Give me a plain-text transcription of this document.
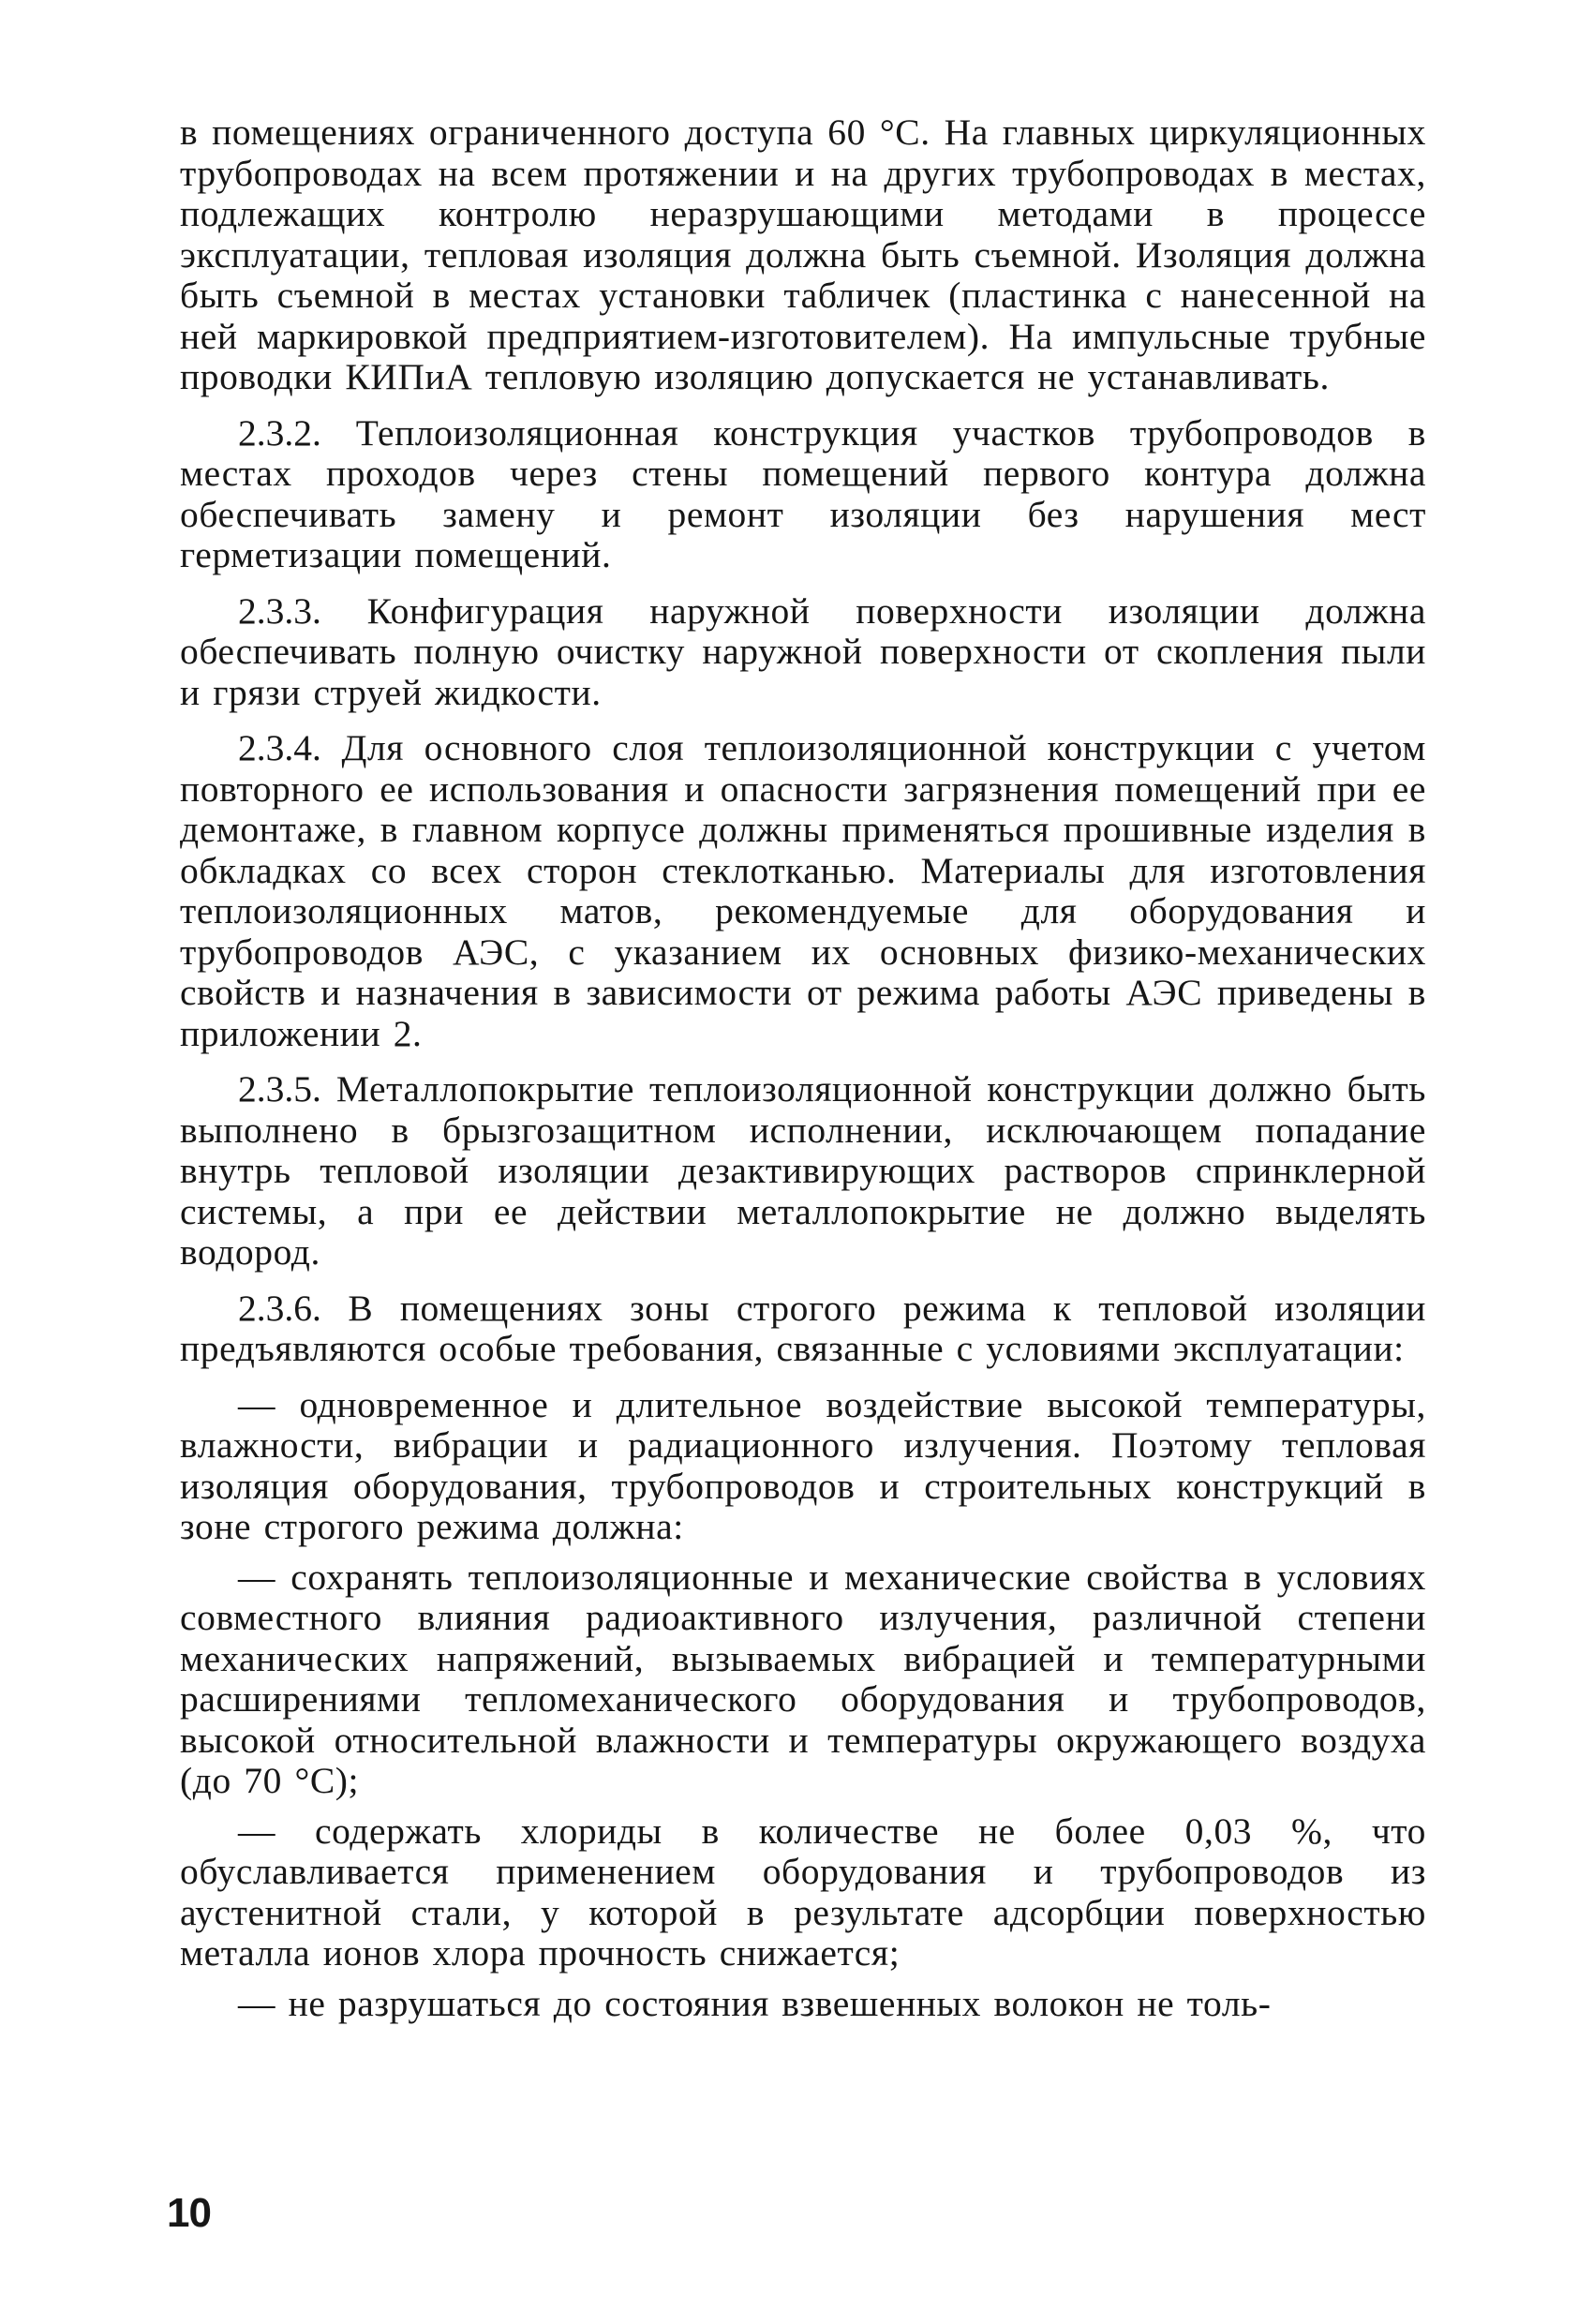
в помещениях ограниченного доступа 60 °C. На главных циркуляционных трубопроводах на всем протяжении и на других трубопроводах в местах, подлежащих контролю неразрушающими методами в процессе эксплуатации, тепловая изоляция должна быть съемной. Изоляция должна быть съемной в местах установки табличек (пластинка с нанесенной на ней маркировкой предприятием-изготовителем). На импульсные трубные проводки КИПиА тепловую изоляцию допускается не устанавливать.

2.3.2. Теплоизоляционная конструкция участков трубопроводов в местах проходов через стены помещений первого контура должна обеспечивать замену и ремонт изоляции без нарушения мест герметизации помещений.

2.3.3. Конфигурация наружной поверхности изоляции должна обеспечивать полную очистку наружной поверхности от скопления пыли и грязи струей жидкости.

2.3.4. Для основного слоя теплоизоляционной конструкции с учетом повторного ее использования и опасности загрязнения помещений при ее демонтаже, в главном корпусе должны применяться прошивные изделия в обкладках со всех сторон стеклотканью. Материалы для изготовления теплоизоляционных матов, рекомендуемые для оборудования и трубопроводов АЭС, с указанием их основных физико-механических свойств и назначения в зависимости от режима работы АЭС приведены в приложении 2.

2.3.5. Металлопокрытие теплоизоляционной конструкции должно быть выполнено в брызгозащитном исполнении, исключающем попадание внутрь тепловой изоляции дезактивирующих растворов спринклерной системы, а при ее действии металлопокрытие не должно выделять водород.

2.3.6. В помещениях зоны строгого режима к тепловой изоляции предъявляются особые требования, связанные с условиями эксплуатации:

— одновременное и длительное воздействие высокой температуры, влажности, вибрации и радиационного излучения. Поэтому тепловая изоляция оборудования, трубопроводов и строительных конструкций в зоне строгого режима должна:

— сохранять теплоизоляционные и механические свойства в условиях совместного влияния радиоактивного излучения, различной степени механических напряжений, вызываемых вибрацией и температурными расширениями тепломеханического оборудования и трубопроводов, высокой относительной влажности и температуры окружающего воздуха (до 70 °C);

— содержать хлориды в количестве не более 0,03 %, что обуславливается применением оборудования и трубопроводов из аустенитной стали, у которой в результате адсорбции поверхностью металла ионов хлора прочность снижается;

— не разрушаться до состояния взвешенных волокон не толь-

10
